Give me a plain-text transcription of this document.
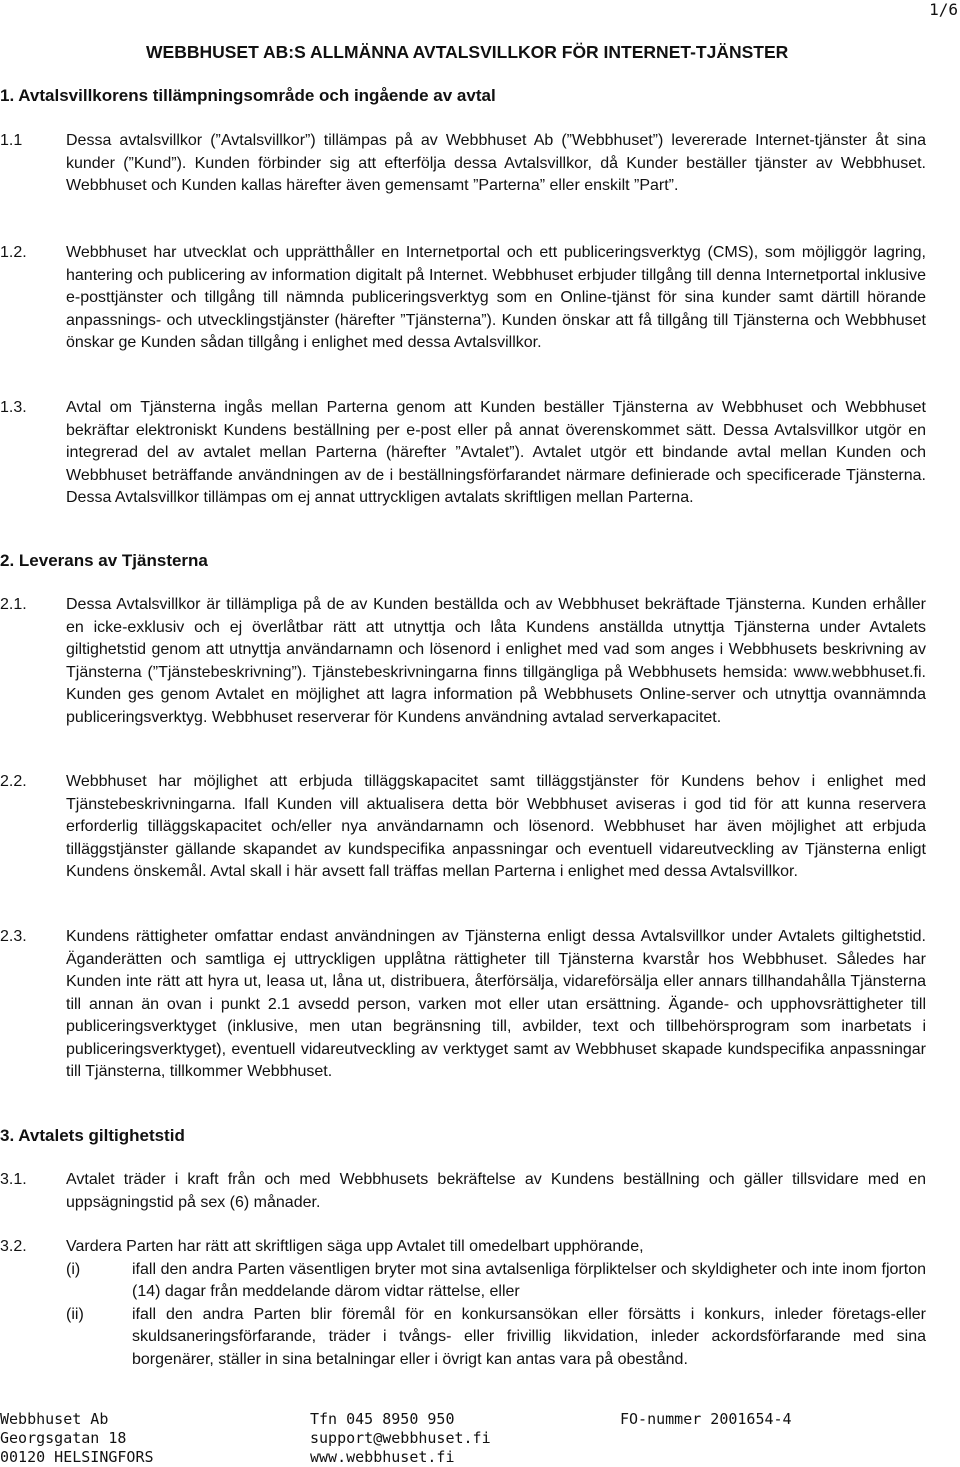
1/6
WEBBHUSET AB:S ALLMÄNNA AVTALSVILLKOR FÖR INTERNET-TJÄNSTER
1. Avtalsvillkorens tillämpningsområde och ingående av avtal
1.1	Dessa avtalsvillkor (”Avtalsvillkor”) tillämpas på av Webbhuset Ab (”Webbhuset”) levererade Internet-tjänster åt sina kunder (”Kund”). Kunden förbinder sig att efterfölja dessa Avtalsvillkor, då Kunder beställer tjänster av Webbhuset. Webbhuset och Kunden kallas härefter även gemensamt ”Parterna” eller enskilt ”Part”.
1.2. Webbhuset har utvecklat och upprätthåller en Internetportal och ett publiceringsverktyg (CMS), som möjliggör lagring, hantering och publicering av information digitalt på Internet. Webbhuset erbjuder tillgång till denna Internetportal inklusive e-posttjänster och tillgång till nämnda publiceringsverktyg som en Online-tjänst för sina kunder samt därtill hörande anpassnings- och utvecklingstjänster (härefter ”Tjänsterna”). Kunden önskar att få tillgång till Tjänsterna och Webbhuset önskar ge Kunden sådan tillgång i enlighet med dessa Avtalsvillkor.
1.3. Avtal om Tjänsterna ingås mellan Parterna genom att Kunden beställer Tjänsterna av Webbhuset och Webbhuset bekräftar elektroniskt Kundens beställning per e-post eller på annat överenskommet sätt. Dessa Avtalsvillkor utgör en integrerad del av avtalet mellan Parterna (härefter ”Avtalet”). Avtalet utgör ett bindande avtal mellan Kunden och Webbhuset beträffande användningen av de i beställningsförfarandet närmare definierade och specificerade Tjänsterna. Dessa Avtalsvillkor tillämpas om ej annat uttryckligen avtalats skriftligen mellan Parterna.
2. Leverans av Tjänsterna
2.1. Dessa Avtalsvillkor är tillämpliga på de av Kunden beställda och av Webbhuset bekräftade Tjänsterna. Kunden erhåller en icke-exklusiv och ej överlåtbar rätt att utnyttja och låta Kundens anställda utnyttja Tjänsterna under Avtalets giltighetstid genom att utnyttja användarnamn och lösenord i enlighet med vad som anges i Webbhusets beskrivning av Tjänsterna (”Tjänstebeskrivning”). Tjänstebeskrivningarna finns tillgängliga på Webbhusets hemsida: www.webbhuset.fi. Kunden ges genom Avtalet en möjlighet att lagra information på Webbhusets Online-server och utnyttja ovannämnda publiceringsverktyg. Webbhuset reserverar för Kundens användning avtalad serverkapacitet.
2.2. Webbhuset har möjlighet att erbjuda tilläggskapacitet samt tilläggstjänster för Kundens behov i enlighet med Tjänstebeskrivningarna. Ifall Kunden vill aktualisera detta bör Webbhuset aviseras i god tid för att kunna reservera erforderlig tilläggskapacitet och/eller nya användarnamn och lösenord. Webbhuset har även möjlighet att erbjuda tilläggstjänster gällande skapandet av kundspecifika anpassningar och eventuell vidareutveckling av Tjänsterna enligt Kundens önskemål. Avtal skall i här avsett fall träffas mellan Parterna i enlighet med dessa Avtalsvillkor.
2.3. Kundens rättigheter omfattar endast användningen av Tjänsterna enligt dessa Avtalsvillkor under Avtalets giltighetstid. Äganderätten och samtliga ej uttryckligen upplåtna rättigheter till Tjänsterna kvarstår hos Webbhuset. Således har Kunden inte rätt att hyra ut, leasa ut, låna ut, distribuera, återförsälja, vidareförsälja eller annars tillhandahålla Tjänsterna till annan än ovan i punkt 2.1 avsedd person, varken mot eller utan ersättning. Ägande- och upphovsrättigheter till publiceringsverktyget (inklusive, men utan begränsning till, avbilder, text och tillbehörsprogram som inarbetats i publiceringsverktyget), eventuell vidareutveckling av verktyget samt av Webbhuset skapade kundspecifika anpassningar till Tjänsterna, tillkommer Webbhuset.
3. Avtalets giltighetstid
3.1. Avtalet träder i kraft från och med Webbhusets bekräftelse av Kundens beställning och gäller tillsvidare med en uppsägningstid på sex (6) månader.
3.2. Vardera Parten har rätt att skriftligen säga upp Avtalet till omedelbart upphörande,
(i)	ifall den andra Parten väsentligen bryter mot sina avtalsenliga förpliktelser och skyldigheter och inte inom fjorton (14) dagar från meddelande därom vidtar rättelse, eller
(ii)	ifall den andra Parten blir föremål för en konkursansökan eller försätts i konkurs, inleder företags-eller skuldsaneringsförfarande, träder i tvångs- eller frivillig likvidation, inleder ackordsförfarande med sina borgenärer, ställer in sina betalningar eller i övrigt kan antas vara på obestånd.
Webbhuset Ab
Georgsgatan 18
00120 HELSINGFORS
Tfn 045 8950 950
support@webbhuset.fi
www.webbhuset.fi
FO-nummer 2001654-4
